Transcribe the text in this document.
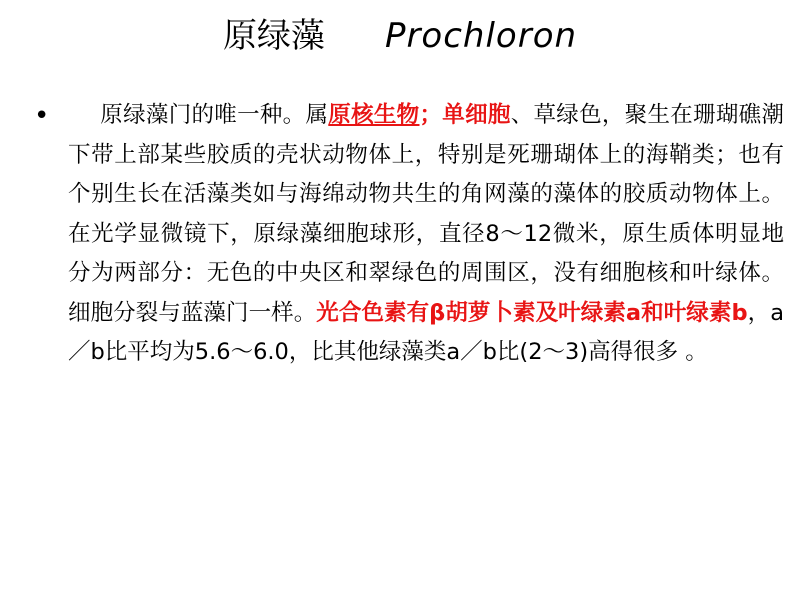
原绿藻 Prochloron
•	原绿藻门的唯一种。属原核生物；单细胞、草绿色，聚生在珊瑚礁潮下带上部某些胶质的壳状动物体上，特别是死珊瑚体上的海鞘类；也有个别生长在活藻类如与海绵动物共生的角网藻的藻体的胶质动物体上。在光学显微镜下，原绿藻细胞球形，直径8～12微米，原生质体明显地分为两部分：无色的中央区和翠绿色的周围区，没有细胞核和叶绿体。细胞分裂与蓝藻门一样。光合色素有β胡萝卜素及叶绿素a和叶绿素b，a／b比平均为5.6～6.0，比其他绿藻类a／b比(2～3)高得很多 。
